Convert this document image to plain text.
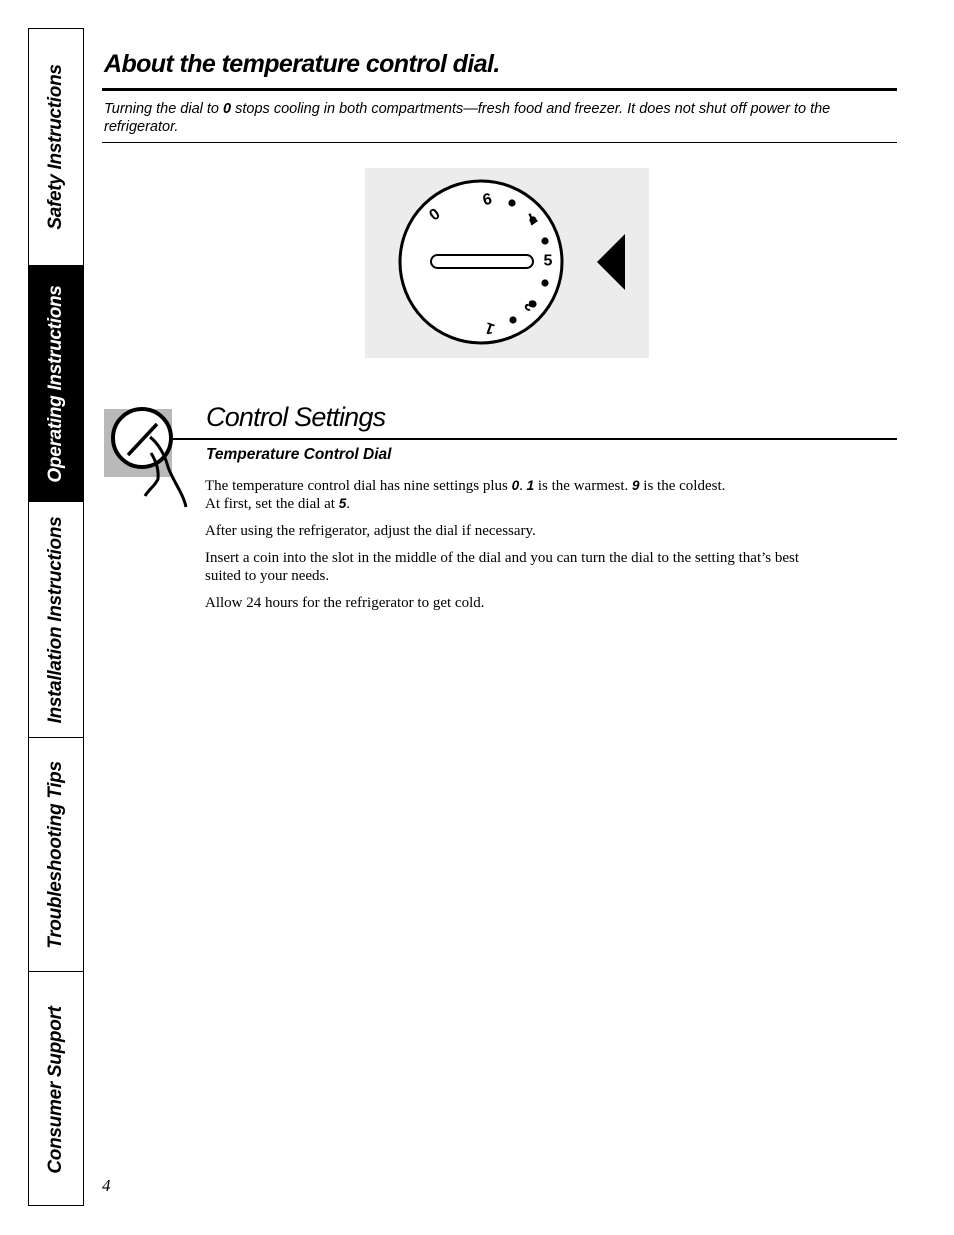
Safety Instructions
Operating Instructions
Installation Instructions
Troubleshooting Tips
Consumer Support
About the temperature control dial.

Turning the dial to 0 stops cooling in both compartments—fresh food and freezer. It does not shut off power to the refrigerator.

0
9
7
5
3
1
Control Settings
Temperature Control Dial

The temperature control dial has nine settings plus 0. 1 is the warmest. 9 is the coldest.
At first, set the dial at 5.

After using the refrigerator, adjust the dial if necessary.

Insert a coin into the slot in the middle of the dial and you can turn the dial to the setting that’s best suited to your needs.

Allow 24 hours for the refrigerator to get cold.

4
